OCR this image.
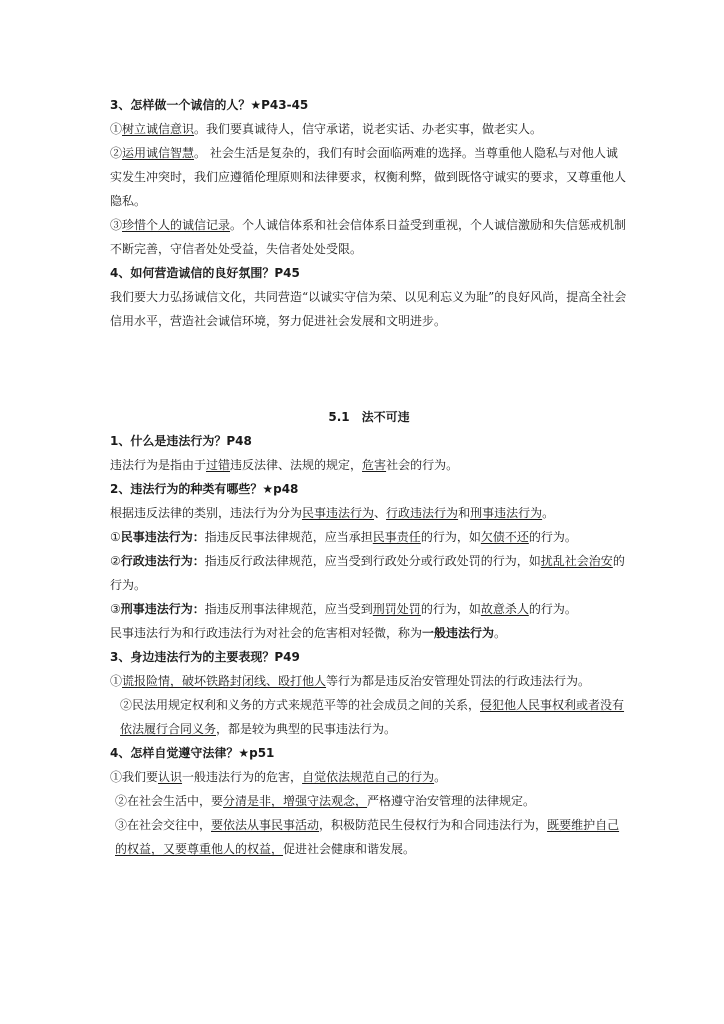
3、怎样做一个诚信的人？★P43-45

①树立诚信意识。我们要真诚待人，信守承诺，说老实话、办老实事，做老实人。

②运用诚信智慧。 社会生活是复杂的，我们有时会面临两难的选择。当尊重他人隐私与对他人诚实发生冲突时，我们应遵循伦理原则和法律要求，权衡利弊，做到既恪守诚实的要求，又尊重他人隐私。

③珍惜个人的诚信记录。个人诚信体系和社会信体系日益受到重视，个人诚信激励和失信惩戒机制不断完善，守信者处处受益，失信者处处受限。

4、如何营造诚信的良好氛围？P45

我们要大力弘扬诚信文化，共同营造“以诚实守信为荣、以见利忘义为耻”的良好风尚，提高全社会信用水平，营造社会诚信环境，努力促进社会发展和文明进步。

5.1　法不可违

1、什么是违法行为？P48

违法行为是指由于过错违反法律、法规的规定，危害社会的行为。

2、违法行为的种类有哪些？★p48

根据违反法律的类别，违法行为分为民事违法行为、行政违法行为和刑事违法行为。

①民事违法行为：指违反民事法律规范，应当承担民事责任的行为，如欠债不还的行为。

②行政违法行为：指违反行政法律规范，应当受到行政处分或行政处罚的行为，如扰乱社会治安的行为。

③刑事违法行为：指违反刑事法律规范，应当受到刑罚处罚的行为，如故意杀人的行为。

民事违法行为和行政违法行为对社会的危害相对轻微，称为一般违法行为。

3、身边违法行为的主要表现？P49

①谎报险情，破坏铁路封闭线、殴打他人等行为都是违反治安管理处罚法的行政违法行为。

②民法用规定权利和义务的方式来规范平等的社会成员之间的关系，侵犯他人民事权利或者没有依法履行合同义务，都是较为典型的民事违法行为。

4、怎样自觉遵守法律？★p51

①我们要认识一般违法行为的危害，自觉依法规范自己的行为。

②在社会生活中，要分清是非，增强守法观念，严格遵守治安管理的法律规定。

③在社会交往中，要依法从事民事活动，积极防范民生侵权行为和合同违法行为，既要维护自己的权益，又要尊重他人的权益，促进社会健康和谐发展。
